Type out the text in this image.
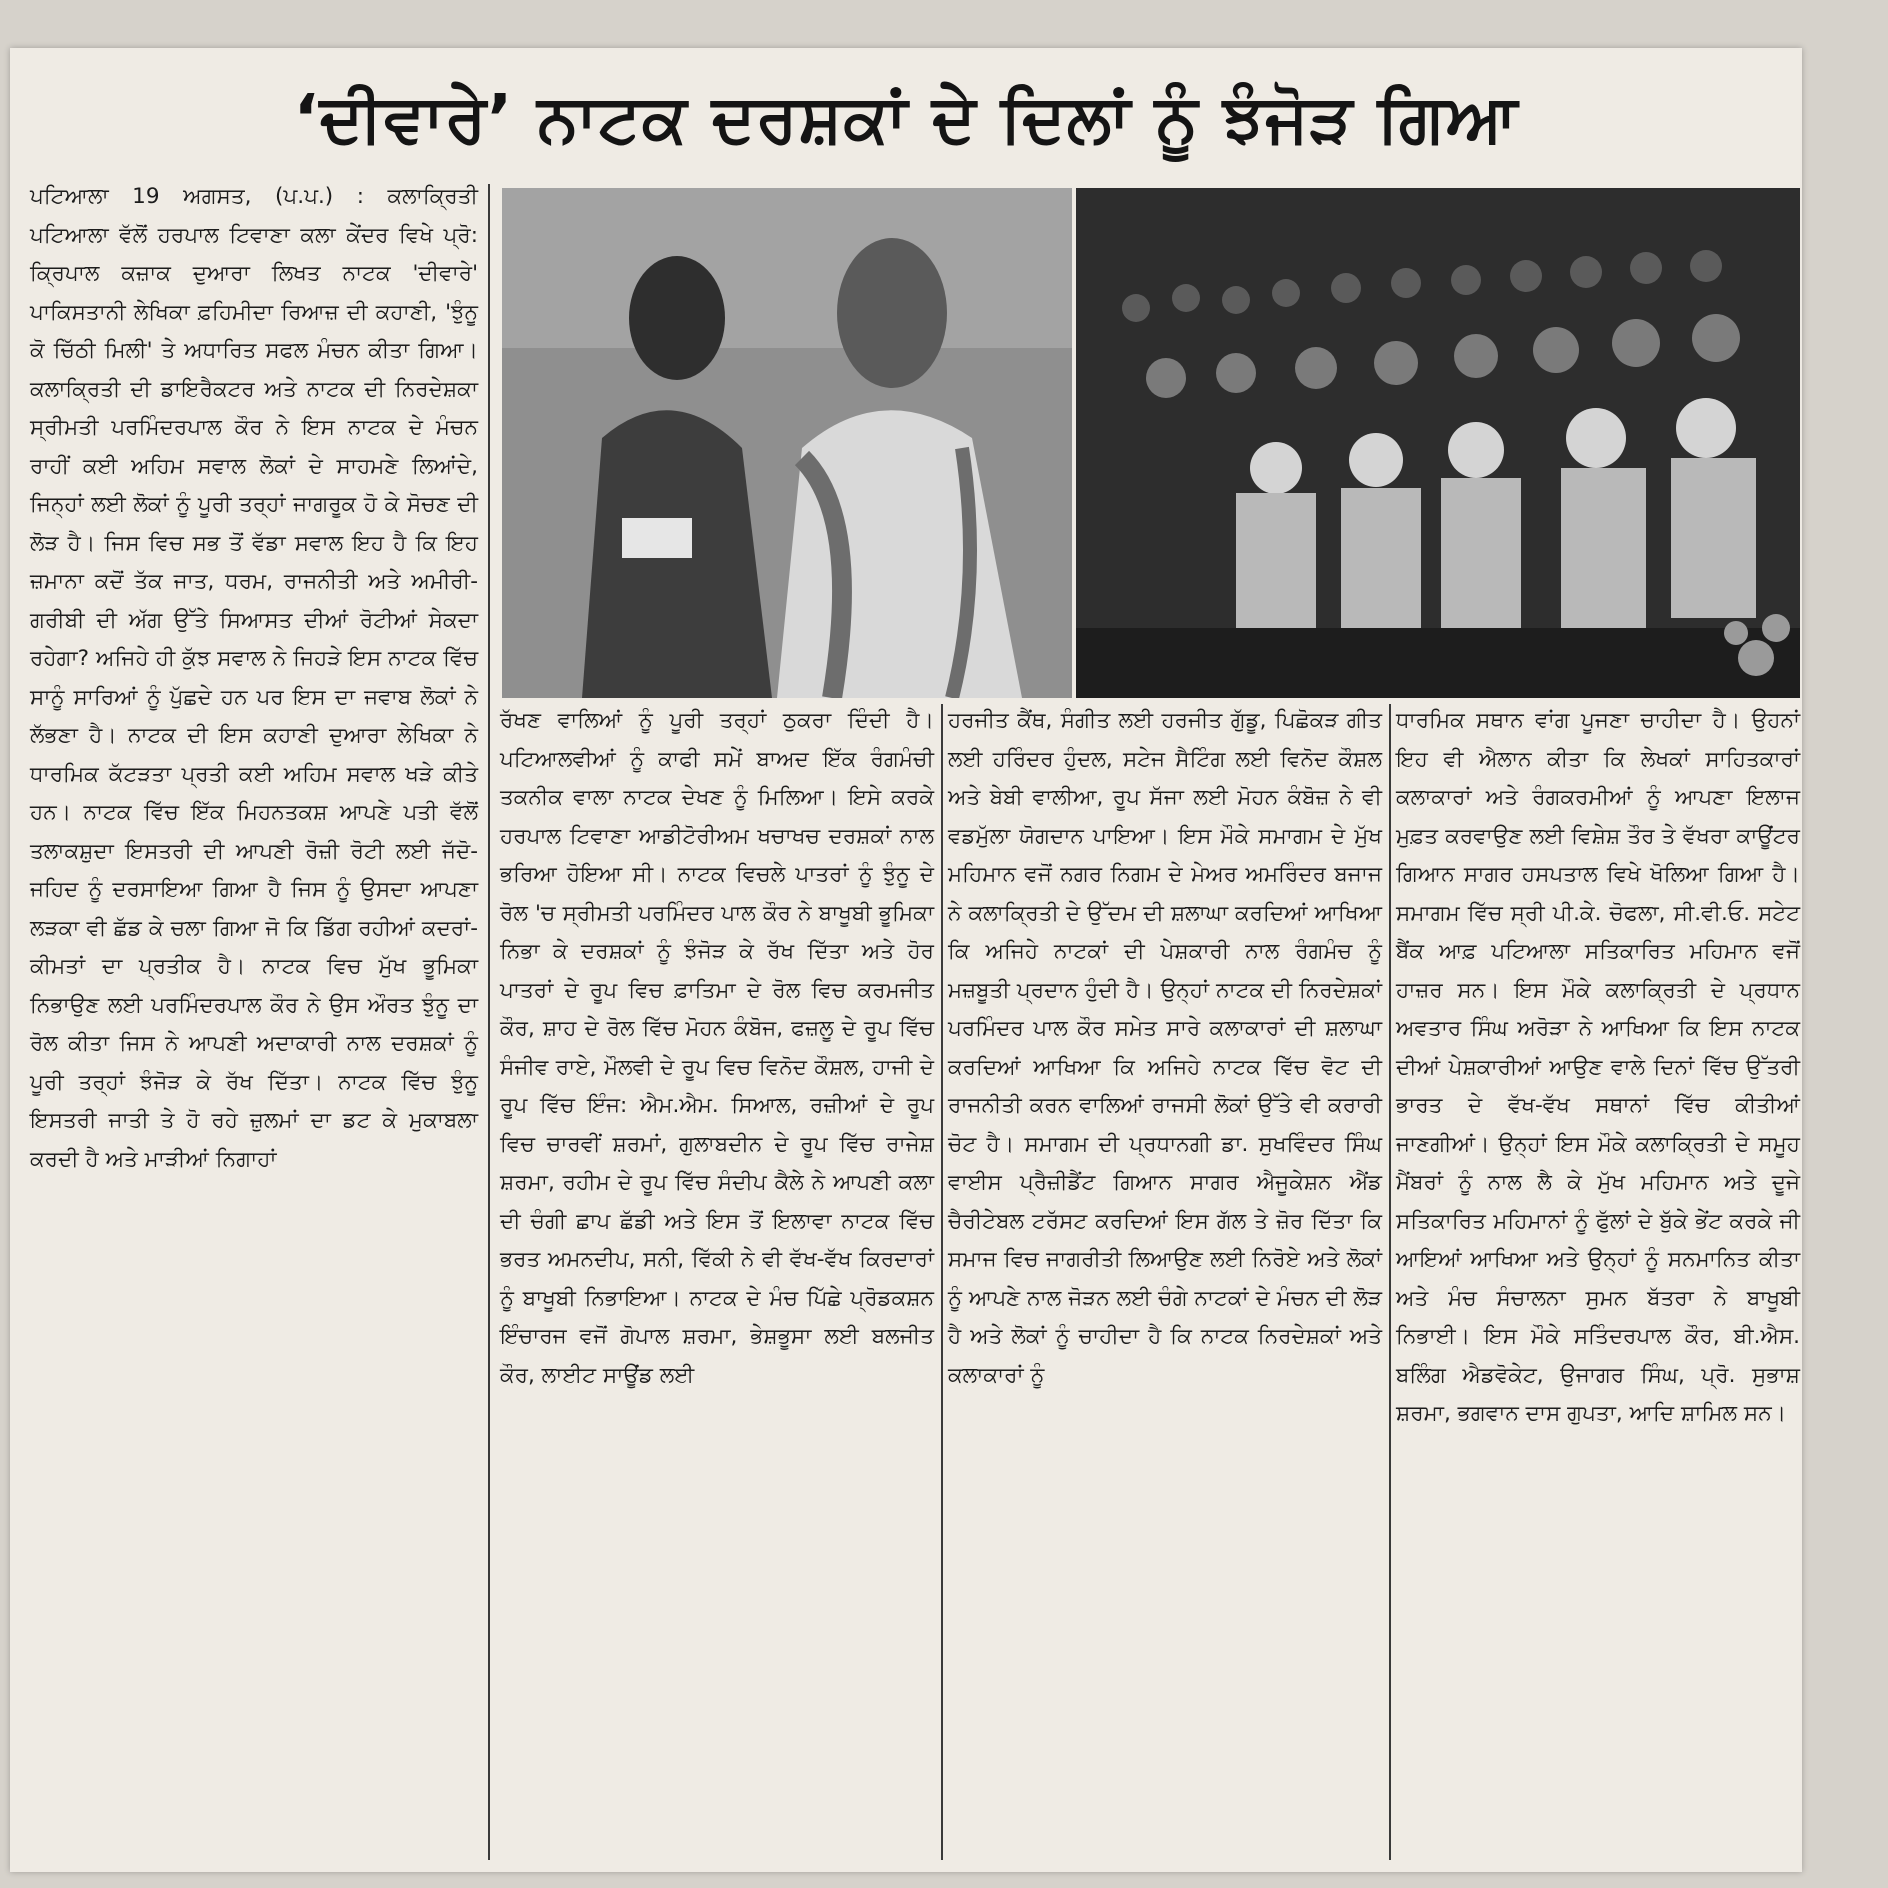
‘ਦੀਵਾਰੇ’ ਨਾਟਕ ਦਰਸ਼ਕਾਂ ਦੇ ਦਿਲਾਂ ਨੂੰ ਝੰਜੋੜ ਗਿਆ

ਪਟਿਆਲਾ 19 ਅਗਸਤ, (ਪ.ਪ.) : ਕਲਾਕ੍ਰਿਤੀ ਪਟਿਆਲਾ ਵੱਲੋਂ ਹਰਪਾਲ ਟਿਵਾਣਾ ਕਲਾ ਕੇਂਦਰ ਵਿਖੇ ਪ੍ਰੋ: ਕ੍ਰਿਪਾਲ ਕਜ਼ਾਕ ਦੁਆਰਾ ਲਿਖਤ ਨਾਟਕ 'ਦੀਵਾਰੇ' ਪਾਕਿਸਤਾਨੀ ਲੇਖਿਕਾ ਫ਼ਹਿਮੀਦਾ ਰਿਆਜ਼ ਦੀ ਕਹਾਣੀ, 'ਝੁੰਨੂ ਕੋ ਚਿੱਠੀ ਮਿਲੀ' ਤੇ ਅਧਾਰਿਤ ਸਫਲ ਮੰਚਨ ਕੀਤਾ ਗਿਆ। ਕਲਾਕ੍ਰਿਤੀ ਦੀ ਡਾਇਰੈਕਟਰ ਅਤੇ ਨਾਟਕ ਦੀ ਨਿਰਦੇਸ਼ਕਾ ਸ੍ਰੀਮਤੀ ਪਰਮਿੰਦਰਪਾਲ ਕੌਰ ਨੇ ਇਸ ਨਾਟਕ ਦੇ ਮੰਚਨ ਰਾਹੀਂ ਕਈ ਅਹਿਮ ਸਵਾਲ ਲੋਕਾਂ ਦੇ ਸਾਹਮਣੇ ਲਿਆਂਦੇ, ਜਿਨ੍ਹਾਂ ਲਈ ਲੋਕਾਂ ਨੂੰ ਪੂਰੀ ਤਰ੍ਹਾਂ ਜਾਗਰੂਕ ਹੋ ਕੇ ਸੋਚਣ ਦੀ ਲੋੜ ਹੈ। ਜਿਸ ਵਿਚ ਸਭ ਤੋਂ ਵੱਡਾ ਸਵਾਲ ਇਹ ਹੈ ਕਿ ਇਹ ਜ਼ਮਾਨਾ ਕਦੋਂ ਤੱਕ ਜਾਤ, ਧਰਮ, ਰਾਜਨੀਤੀ ਅਤੇ ਅਮੀਰੀ-ਗਰੀਬੀ ਦੀ ਅੱਗ ਉੱਤੇ ਸਿਆਸਤ ਦੀਆਂ ਰੋਟੀਆਂ ਸੇਕਦਾ ਰਹੇਗਾ? ਅਜਿਹੇ ਹੀ ਕੁੱਝ ਸਵਾਲ ਨੇ ਜਿਹੜੇ ਇਸ ਨਾਟਕ ਵਿੱਚ ਸਾਨੂੰ ਸਾਰਿਆਂ ਨੂੰ ਪੁੱਛਦੇ ਹਨ ਪਰ ਇਸ ਦਾ ਜਵਾਬ ਲੋਕਾਂ ਨੇ ਲੱਭਣਾ ਹੈ। ਨਾਟਕ ਦੀ ਇਸ ਕਹਾਣੀ ਦੁਆਰਾ ਲੇਖਿਕਾ ਨੇ ਧਾਰਮਿਕ ਕੱਟੜਤਾ ਪ੍ਰਤੀ ਕਈ ਅਹਿਮ ਸਵਾਲ ਖੜੇ ਕੀਤੇ ਹਨ। ਨਾਟਕ ਵਿੱਚ ਇੱਕ ਮਿਹਨਤਕਸ਼ ਆਪਣੇ ਪਤੀ ਵੱਲੋਂ ਤਲਾਕਸ਼ੁਦਾ ਇਸਤਰੀ ਦੀ ਆਪਣੀ ਰੋਜ਼ੀ ਰੋਟੀ ਲਈ ਜੱਦੋ-ਜਹਿਦ ਨੂੰ ਦਰਸਾਇਆ ਗਿਆ ਹੈ ਜਿਸ ਨੂੰ ਉਸਦਾ ਆਪਣਾ ਲੜਕਾ ਵੀ ਛੱਡ ਕੇ ਚਲਾ ਗਿਆ ਜੋ ਕਿ ਡਿੱਗ ਰਹੀਆਂ ਕਦਰਾਂ-ਕੀਮਤਾਂ ਦਾ ਪ੍ਰਤੀਕ ਹੈ। ਨਾਟਕ ਵਿਚ ਮੁੱਖ ਭੂਮਿਕਾ ਨਿਭਾਉਣ ਲਈ ਪਰਮਿੰਦਰਪਾਲ ਕੌਰ ਨੇ ਉਸ ਔਰਤ ਝੁੰਨੂ ਦਾ ਰੋਲ ਕੀਤਾ ਜਿਸ ਨੇ ਆਪਣੀ ਅਦਾਕਾਰੀ ਨਾਲ ਦਰਸ਼ਕਾਂ ਨੂੰ ਪੂਰੀ ਤਰ੍ਹਾਂ ਝੰਜੋੜ ਕੇ ਰੱਖ ਦਿੱਤਾ। ਨਾਟਕ ਵਿੱਚ ਝੁੰਨੂ ਇਸਤਰੀ ਜਾਤੀ ਤੇ ਹੋ ਰਹੇ ਜ਼ੁਲਮਾਂ ਦਾ ਡਟ ਕੇ ਮੁਕਾਬਲਾ ਕਰਦੀ ਹੈ ਅਤੇ ਮਾੜੀਆਂ ਨਿਗਾਹਾਂ

ਰੱਖਣ ਵਾਲਿਆਂ ਨੂੰ ਪੂਰੀ ਤਰ੍ਹਾਂ ਠੁਕਰਾ ਦਿੰਦੀ ਹੈ। ਪਟਿਆਲਵੀਆਂ ਨੂੰ ਕਾਫੀ ਸਮੇਂ ਬਾਅਦ ਇੱਕ ਰੰਗਮੰਚੀ ਤਕਨੀਕ ਵਾਲਾ ਨਾਟਕ ਦੇਖਣ ਨੂੰ ਮਿਲਿਆ। ਇਸੇ ਕਰਕੇ ਹਰਪਾਲ ਟਿਵਾਣਾ ਆਡੀਟੋਰੀਅਮ ਖਚਾਖਚ ਦਰਸ਼ਕਾਂ ਨਾਲ ਭਰਿਆ ਹੋਇਆ ਸੀ। ਨਾਟਕ ਵਿਚਲੇ ਪਾਤਰਾਂ ਨੂੰ ਝੁੰਨੂ ਦੇ ਰੋਲ 'ਚ ਸ੍ਰੀਮਤੀ ਪਰਮਿੰਦਰ ਪਾਲ ਕੌਰ ਨੇ ਬਾਖੂਬੀ ਭੂਮਿਕਾ ਨਿਭਾ ਕੇ ਦਰਸ਼ਕਾਂ ਨੂੰ ਝੰਜੋੜ ਕੇ ਰੱਖ ਦਿੱਤਾ ਅਤੇ ਹੋਰ ਪਾਤਰਾਂ ਦੇ ਰੂਪ ਵਿਚ ਫ਼ਾਤਿਮਾ ਦੇ ਰੋਲ ਵਿਚ ਕਰਮਜੀਤ ਕੌਰ, ਸ਼ਾਹ ਦੇ ਰੋਲ ਵਿੱਚ ਮੋਹਨ ਕੰਬੋਜ, ਫਜ਼ਲੂ ਦੇ ਰੂਪ ਵਿੱਚ ਸੰਜੀਵ ਰਾਏ, ਮੌਲਵੀ ਦੇ ਰੂਪ ਵਿਚ ਵਿਨੋਦ ਕੌਸ਼ਲ, ਹਾਜੀ ਦੇ ਰੂਪ ਵਿੱਚ ਇੰਜ: ਐਮ.ਐਮ. ਸਿਆਲ, ਰਜ਼ੀਆਂ ਦੇ ਰੂਪ ਵਿਚ ਚਾਰਵੀਂ ਸ਼ਰਮਾਂ, ਗੁਲਾਬਦੀਨ ਦੇ ਰੂਪ ਵਿੱਚ ਰਾਜੇਸ਼ ਸ਼ਰਮਾ, ਰਹੀਮ ਦੇ ਰੂਪ ਵਿੱਚ ਸੰਦੀਪ ਕੈਲੇ ਨੇ ਆਪਣੀ ਕਲਾ ਦੀ ਚੰਗੀ ਛਾਪ ਛੱਡੀ ਅਤੇ ਇਸ ਤੋਂ ਇਲਾਵਾ ਨਾਟਕ ਵਿੱਚ ਭਰਤ ਅਮਨਦੀਪ, ਸਨੀ, ਵਿੱਕੀ ਨੇ ਵੀ ਵੱਖ-ਵੱਖ ਕਿਰਦਾਰਾਂ ਨੂੰ ਬਾਖੂਬੀ ਨਿਭਾਇਆ। ਨਾਟਕ ਦੇ ਮੰਚ ਪਿੱਛੇ ਪ੍ਰੋਡਕਸ਼ਨ ਇੰਚਾਰਜ ਵਜੋਂ ਗੋਪਾਲ ਸ਼ਰਮਾ, ਭੇਸ਼ਭੂਸਾ ਲਈ ਬਲਜੀਤ ਕੌਰ, ਲਾਈਟ ਸਾਊਂਡ ਲਈ

ਹਰਜੀਤ ਕੈਂਥ, ਸੰਗੀਤ ਲਈ ਹਰਜੀਤ ਗੁੱਡੂ, ਪਿਛੋਕੜ ਗੀਤ ਲਈ ਹਰਿੰਦਰ ਹੁੰਦਲ, ਸਟੇਜ ਸੈਟਿੰਗ ਲਈ ਵਿਨੋਦ ਕੌਸ਼ਲ ਅਤੇ ਬੇਬੀ ਵਾਲੀਆ, ਰੂਪ ਸੱਜਾ ਲਈ ਮੋਹਨ ਕੰਬੋਜ਼ ਨੇ ਵੀ ਵਡਮੁੱਲਾ ਯੋਗਦਾਨ ਪਾਇਆ। ਇਸ ਮੌਕੇ ਸਮਾਗਮ ਦੇ ਮੁੱਖ ਮਹਿਮਾਨ ਵਜੋਂ ਨਗਰ ਨਿਗਮ ਦੇ ਮੇਅਰ ਅਮਰਿੰਦਰ ਬਜਾਜ ਨੇ ਕਲਾਕ੍ਰਿਤੀ ਦੇ ਉੱਦਮ ਦੀ ਸ਼ਲਾਘਾ ਕਰਦਿਆਂ ਆਖਿਆ ਕਿ ਅਜਿਹੇ ਨਾਟਕਾਂ ਦੀ ਪੇਸ਼ਕਾਰੀ ਨਾਲ ਰੰਗਮੰਚ ਨੂੰ ਮਜ਼ਬੂਤੀ ਪ੍ਰਦਾਨ ਹੁੰਦੀ ਹੈ। ਉਨ੍ਹਾਂ ਨਾਟਕ ਦੀ ਨਿਰਦੇਸ਼ਕਾਂ ਪਰਮਿੰਦਰ ਪਾਲ ਕੌਰ ਸਮੇਤ ਸਾਰੇ ਕਲਾਕਾਰਾਂ ਦੀ ਸ਼ਲਾਘਾ ਕਰਦਿਆਂ ਆਖਿਆ ਕਿ ਅਜਿਹੇ ਨਾਟਕ ਵਿੱਚ ਵੋਟ ਦੀ ਰਾਜਨੀਤੀ ਕਰਨ ਵਾਲਿਆਂ ਰਾਜਸੀ ਲੋਕਾਂ ਉੱਤੇ ਵੀ ਕਰਾਰੀ ਚੋਟ ਹੈ। ਸਮਾਗਮ ਦੀ ਪ੍ਰਧਾਨਗੀ ਡਾ. ਸੁਖਵਿੰਦਰ ਸਿੰਘ ਵਾਈਸ ਪ੍ਰੈਜ਼ੀਡੈਂਟ ਗਿਆਨ ਸਾਗਰ ਐਜੂਕੇਸ਼ਨ ਐਂਡ ਚੈਰੀਟੇਬਲ ਟਰੱਸਟ ਕਰਦਿਆਂ ਇਸ ਗੱਲ ਤੇ ਜ਼ੋਰ ਦਿੱਤਾ ਕਿ ਸਮਾਜ ਵਿਚ ਜਾਗਰੀਤੀ ਲਿਆਉਣ ਲਈ ਨਿਰੋਏ ਅਤੇ ਲੋਕਾਂ ਨੂੰ ਆਪਣੇ ਨਾਲ ਜੋੜਨ ਲਈ ਚੰਗੇ ਨਾਟਕਾਂ ਦੇ ਮੰਚਨ ਦੀ ਲੋੜ ਹੈ ਅਤੇ ਲੋਕਾਂ ਨੂੰ ਚਾਹੀਦਾ ਹੈ ਕਿ ਨਾਟਕ ਨਿਰਦੇਸ਼ਕਾਂ ਅਤੇ ਕਲਾਕਾਰਾਂ ਨੂੰ

ਧਾਰਮਿਕ ਸਥਾਨ ਵਾਂਗ ਪੂਜਣਾ ਚਾਹੀਦਾ ਹੈ। ਉਹਨਾਂ ਇਹ ਵੀ ਐਲਾਨ ਕੀਤਾ ਕਿ ਲੇਖਕਾਂ ਸਾਹਿਤਕਾਰਾਂ ਕਲਾਕਾਰਾਂ ਅਤੇ ਰੰਗਕਰਮੀਆਂ ਨੂੰ ਆਪਣਾ ਇਲਾਜ ਮੁਫ਼ਤ ਕਰਵਾਉਣ ਲਈ ਵਿਸ਼ੇਸ਼ ਤੌਰ ਤੇ ਵੱਖਰਾ ਕਾਊਂਟਰ ਗਿਆਨ ਸਾਗਰ ਹਸਪਤਾਲ ਵਿਖੇ ਖੋਲਿਆ ਗਿਆ ਹੈ। ਸਮਾਗਮ ਵਿੱਚ ਸ੍ਰੀ ਪੀ.ਕੇ. ਚੋਫਲਾ, ਸੀ.ਵੀ.ਓ. ਸਟੇਟ ਬੈਂਕ ਆਫ਼ ਪਟਿਆਲਾ ਸਤਿਕਾਰਿਤ ਮਹਿਮਾਨ ਵਜੋਂ ਹਾਜ਼ਰ ਸਨ। ਇਸ ਮੌਕੇ ਕਲਾਕ੍ਰਿਤੀ ਦੇ ਪ੍ਰਧਾਨ ਅਵਤਾਰ ਸਿੰਘ ਅਰੋੜਾ ਨੇ ਆਖਿਆ ਕਿ ਇਸ ਨਾਟਕ ਦੀਆਂ ਪੇਸ਼ਕਾਰੀਆਂ ਆਉਣ ਵਾਲੇ ਦਿਨਾਂ ਵਿੱਚ ਉੱਤਰੀ ਭਾਰਤ ਦੇ ਵੱਖ-ਵੱਖ ਸਥਾਨਾਂ ਵਿੱਚ ਕੀਤੀਆਂ ਜਾਣਗੀਆਂ। ਉਨ੍ਹਾਂ ਇਸ ਮੌਕੇ ਕਲਾਕ੍ਰਿਤੀ ਦੇ ਸਮੂਹ ਮੈਂਬਰਾਂ ਨੂੰ ਨਾਲ ਲੈ ਕੇ ਮੁੱਖ ਮਹਿਮਾਨ ਅਤੇ ਦੂਜੇ ਸਤਿਕਾਰਿਤ ਮਹਿਮਾਨਾਂ ਨੂੰ ਫੁੱਲਾਂ ਦੇ ਬੁੱਕੇ ਭੇਂਟ ਕਰਕੇ ਜੀ ਆਇਆਂ ਆਖਿਆ ਅਤੇ ਉਨ੍ਹਾਂ ਨੂੰ ਸਨਮਾਨਿਤ ਕੀਤਾ ਅਤੇ ਮੰਚ ਸੰਚਾਲਨਾ ਸੁਮਨ ਬੱਤਰਾ ਨੇ ਬਾਖੂਬੀ ਨਿਭਾਈ। ਇਸ ਮੌਕੇ ਸਤਿੰਦਰਪਾਲ ਕੌਰ, ਬੀ.ਐਸ. ਬਲਿੰਗ ਐਡਵੋਕੇਟ, ਉਜਾਗਰ ਸਿੰਘ, ਪ੍ਰੋ. ਸੁਭਾਸ਼ ਸ਼ਰਮਾ, ਭਗਵਾਨ ਦਾਸ ਗੁਪਤਾ, ਆਦਿ ਸ਼ਾਮਿਲ ਸਨ।
